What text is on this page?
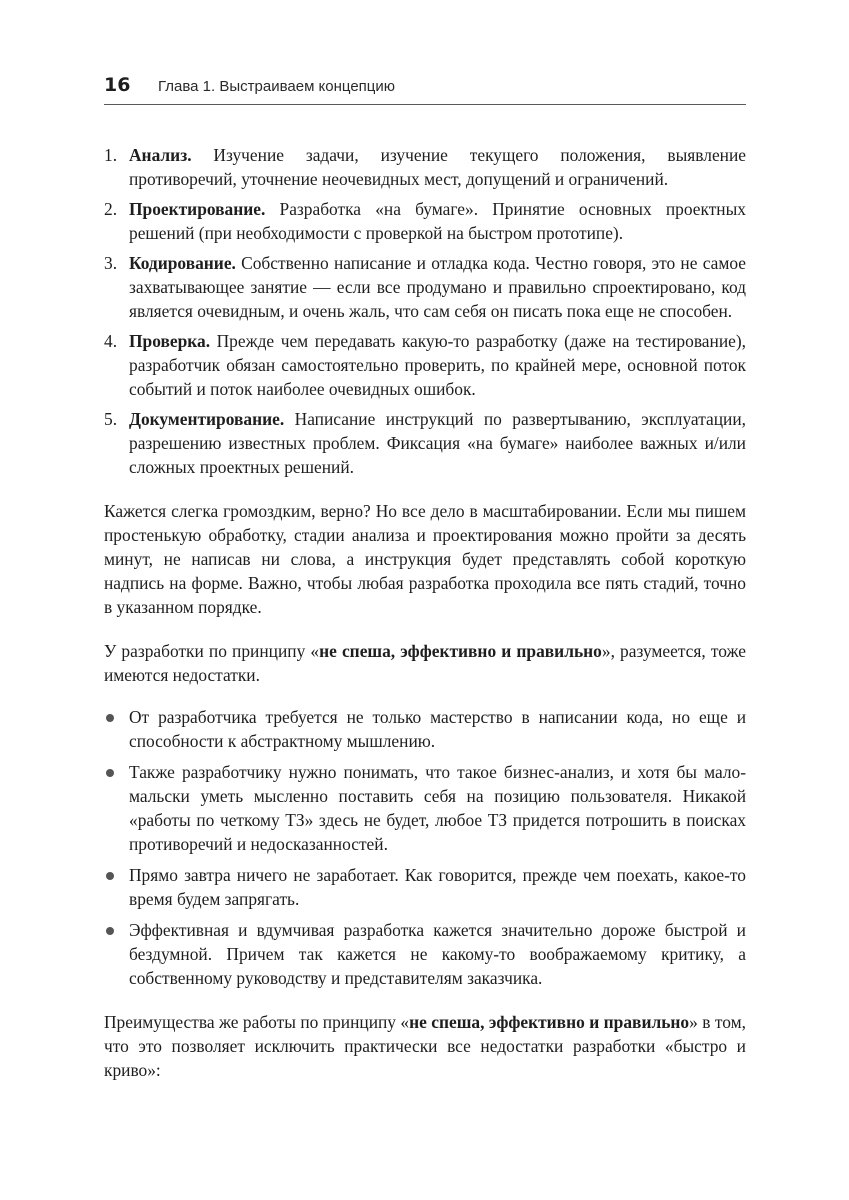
16	Глава 1. Выстраиваем концепцию
1. Анализ. Изучение задачи, изучение текущего положения, выявление противоречий, уточнение неочевидных мест, допущений и ограничений.
2. Проектирование. Разработка «на бумаге». Принятие основных проектных решений (при необходимости с проверкой на быстром прототипе).
3. Кодирование. Собственно написание и отладка кода. Честно говоря, это не самое захватывающее занятие — если все продумано и правильно спроектировано, код является очевидным, и очень жаль, что сам себя он писать пока еще не способен.
4. Проверка. Прежде чем передавать какую-то разработку (даже на тестирование), разработчик обязан самостоятельно проверить, по крайней мере, основной поток событий и поток наиболее очевидных ошибок.
5. Документирование. Написание инструкций по развертыванию, эксплуатации, разрешению известных проблем. Фиксация «на бумаге» наиболее важных и/или сложных проектных решений.

Кажется слегка громоздким, верно? Но все дело в масштабировании. Если мы пишем простенькую обработку, стадии анализа и проектирования можно пройти за десять минут, не написав ни слова, а инструкция будет представлять собой короткую надпись на форме. Важно, чтобы любая разработка проходила все пять стадий, точно в указанном порядке.

У разработки по принципу «не спеша, эффективно и правильно», разумеется, тоже имеются недостатки.

От разработчика требуется не только мастерство в написании кода, но еще и способности к абстрактному мышлению.
Также разработчику нужно понимать, что такое бизнес-анализ, и хотя бы мало-мальски уметь мысленно поставить себя на позицию пользователя. Никакой «работы по четкому ТЗ» здесь не будет, любое ТЗ придется потрошить в поисках противоречий и недосказанностей.
Прямо завтра ничего не заработает. Как говорится, прежде чем поехать, какое-то время будем запрягать.
Эффективная и вдумчивая разработка кажется значительно дороже быстрой и бездумной. Причем так кажется не какому-то воображаемому критику, а собственному руководству и представителям заказчика.

Преимущества же работы по принципу «не спеша, эффективно и правильно» в том, что это позволяет исключить практически все недостатки разработки «быстро и криво»:
